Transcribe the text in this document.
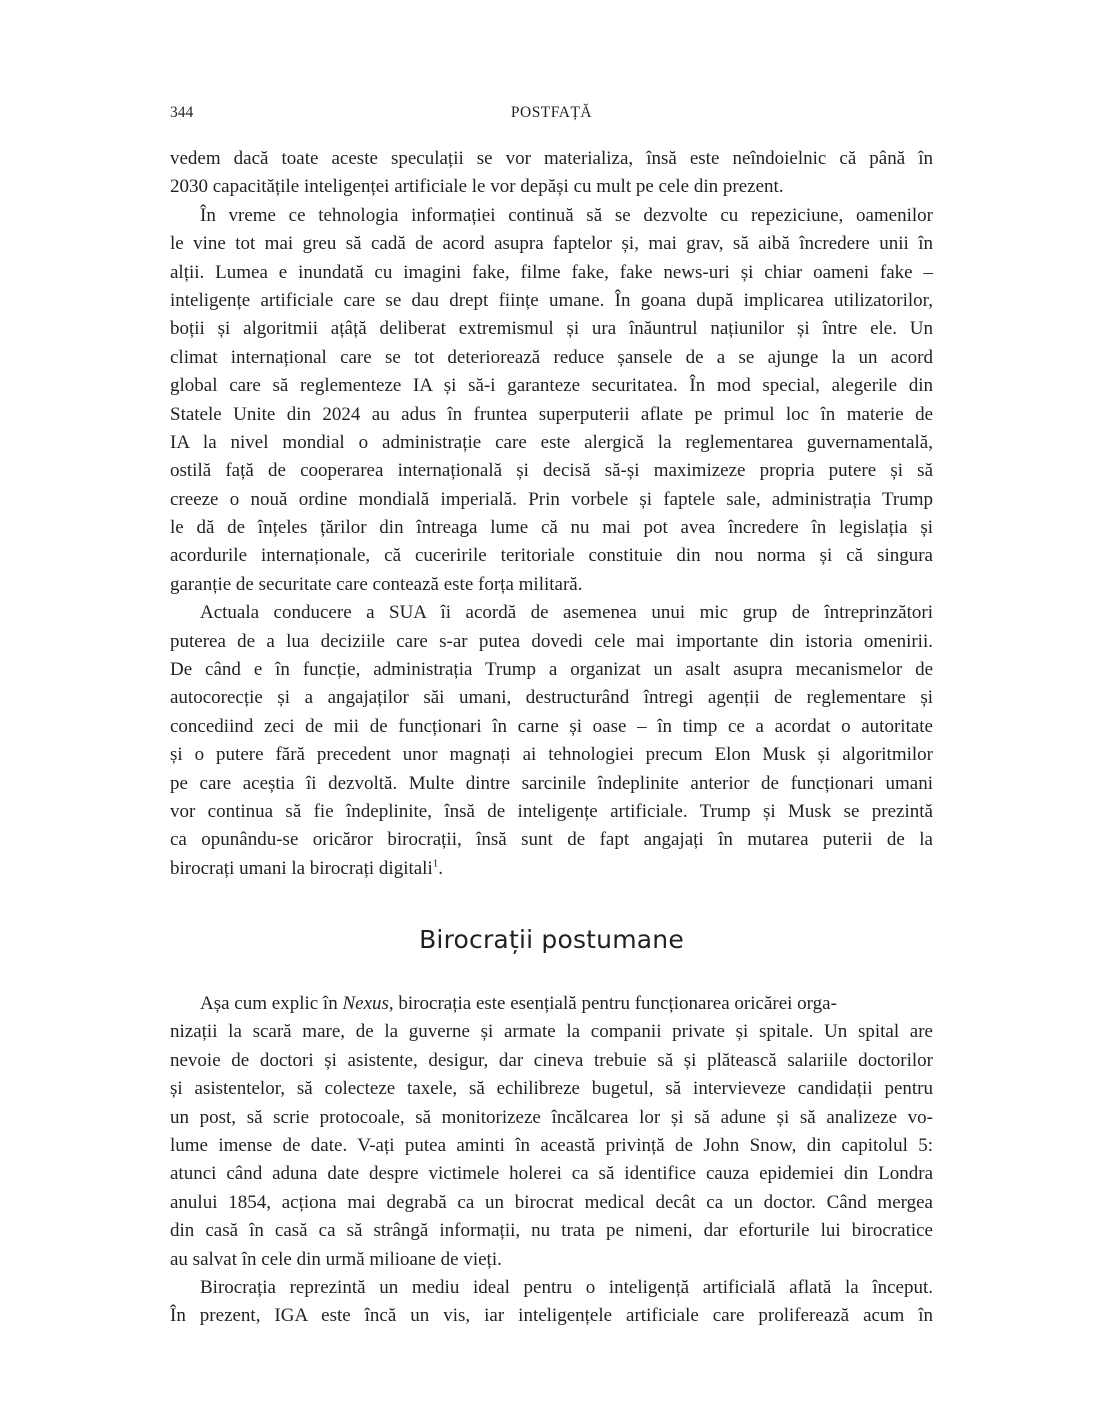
344	POSTFAȚĂ
vedem dacă toate aceste speculații se vor materializa, însă este neîndoielnic că până în
2030 capacitățile inteligenței artificiale le vor depăși cu mult pe cele din prezent.
În vreme ce tehnologia informației continuă să se dezvolte cu repeziciune, oamenilor
le vine tot mai greu să cadă de acord asupra faptelor și, mai grav, să aibă încredere unii în
alții. Lumea e inundată cu imagini fake, filme fake, fake news-uri și chiar oameni fake –
inteligențe artificiale care se dau drept ființe umane. În goana după implicarea utilizatorilor,
boții și algoritmii ațâță deliberat extremismul și ura înăuntrul națiunilor și între ele. Un
climat internațional care se tot deteriorează reduce șansele de a se ajunge la un acord
global care să reglementeze IA și să-i garanteze securitatea. În mod special, alegerile din
Statele Unite din 2024 au adus în fruntea superputerii aflate pe primul loc în materie de
IA la nivel mondial o administrație care este alergică la reglementarea guvernamentală,
ostilă față de cooperarea internațională și decisă să-și maximizeze propria putere și să
creeze o nouă ordine mondială imperială. Prin vorbele și faptele sale, administrația Trump
le dă de înțeles țărilor din întreaga lume că nu mai pot avea încredere în legislația și
acordurile internaționale, că cuceririle teritoriale constituie din nou norma și că singura
garanție de securitate care contează este forța militară.
Actuala conducere a SUA îi acordă de asemenea unui mic grup de întreprinzători
puterea de a lua deciziile care s-ar putea dovedi cele mai importante din istoria omenirii.
De când e în funcție, administrația Trump a organizat un asalt asupra mecanismelor de
autocorecție și a angajaților săi umani, destructurând întregi agenții de reglementare și
concediind zeci de mii de funcționari în carne și oase – în timp ce a acordat o autoritate
și o putere fără precedent unor magnați ai tehnologiei precum Elon Musk și algoritmilor
pe care aceștia îi dezvoltă. Multe dintre sarcinile îndeplinite anterior de funcționari umani
vor continua să fie îndeplinite, însă de inteligențe artificiale. Trump și Musk se prezintă
ca opunându-se oricăror birocrații, însă sunt de fapt angajați în mutarea puterii de la
birocrați umani la birocrați digitali$^1$.
Birocrații postumane
Așa cum explic în Nexus, birocrația este esențială pentru funcționarea oricărei orga-
nizații la scară mare, de la guverne și armate la companii private și spitale. Un spital are
nevoie de doctori și asistente, desigur, dar cineva trebuie să și plătească salariile doctorilor
și asistentelor, să colecteze taxele, să echilibreze bugetul, să intervieveze candidații pentru
un post, să scrie protocoale, să monitorizeze încălcarea lor și să adune și să analizeze vo-
lume imense de date. V-ați putea aminti în această privință de John Snow, din capitolul 5:
atunci când aduna date despre victimele holerei ca să identifice cauza epidemiei din Londra
anului 1854, acționa mai degrabă ca un birocrat medical decât ca un doctor. Când mergea
din casă în casă ca să strângă informații, nu trata pe nimeni, dar eforturile lui birocratice
au salvat în cele din urmă milioane de vieți.
Birocrația reprezintă un mediu ideal pentru o inteligență artificială aflată la început.
În prezent, IGA este încă un vis, iar inteligențele artificiale care proliferează acum în
